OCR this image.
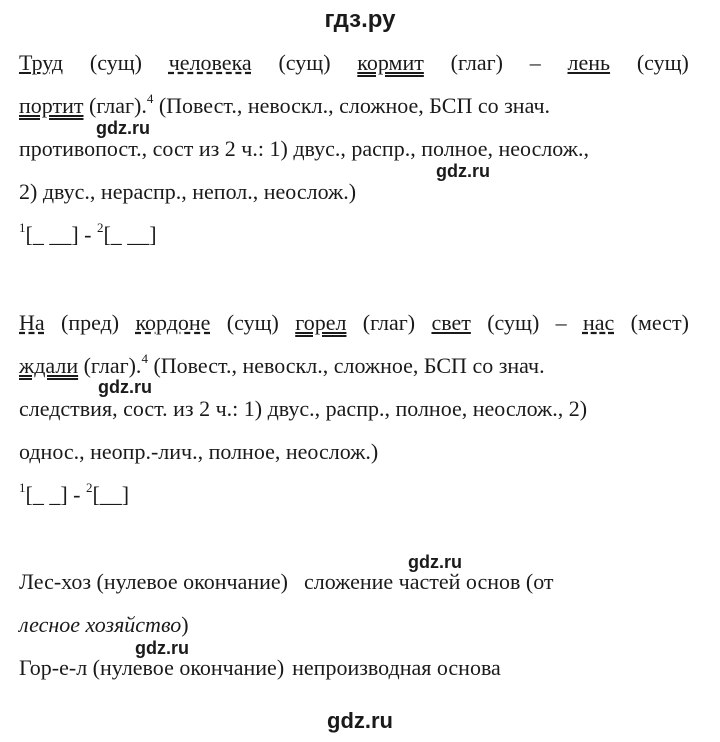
гдз.ру
Труд (сущ) человека (сущ) кормит (глаг) – лень (сущ)
портит (глаг).$^4$ (Повест., невоскл., сложное, БСП со знач.
gdz.ru
противопост., сост из 2 ч.: 1) двус., распр., полное, неослож.,
gdz.ru
2) двус., нераспр., непол., неослож.)
$^1$[_ __] - $^2$[_ __]
На (пред) кордоне (сущ) горел (глаг) свет (сущ) – нас (мест)
ждали (глаг).$^4$ (Повест., невоскл., сложное, БСП со знач.
gdz.ru
следствия, сост. из 2 ч.: 1) двус., распр., полное, неослож., 2)
однос., неопр.-лич., полное, неослож.)
$^1$[_ _] - $^2$[__]
gdz.ru
Лес-хоз (нулевое окончание) сложение частей основ (от
лесное хозяйство)
gdz.ru
Гор-е-л (нулевое окончание) непроизводная основа
gdz.ru
